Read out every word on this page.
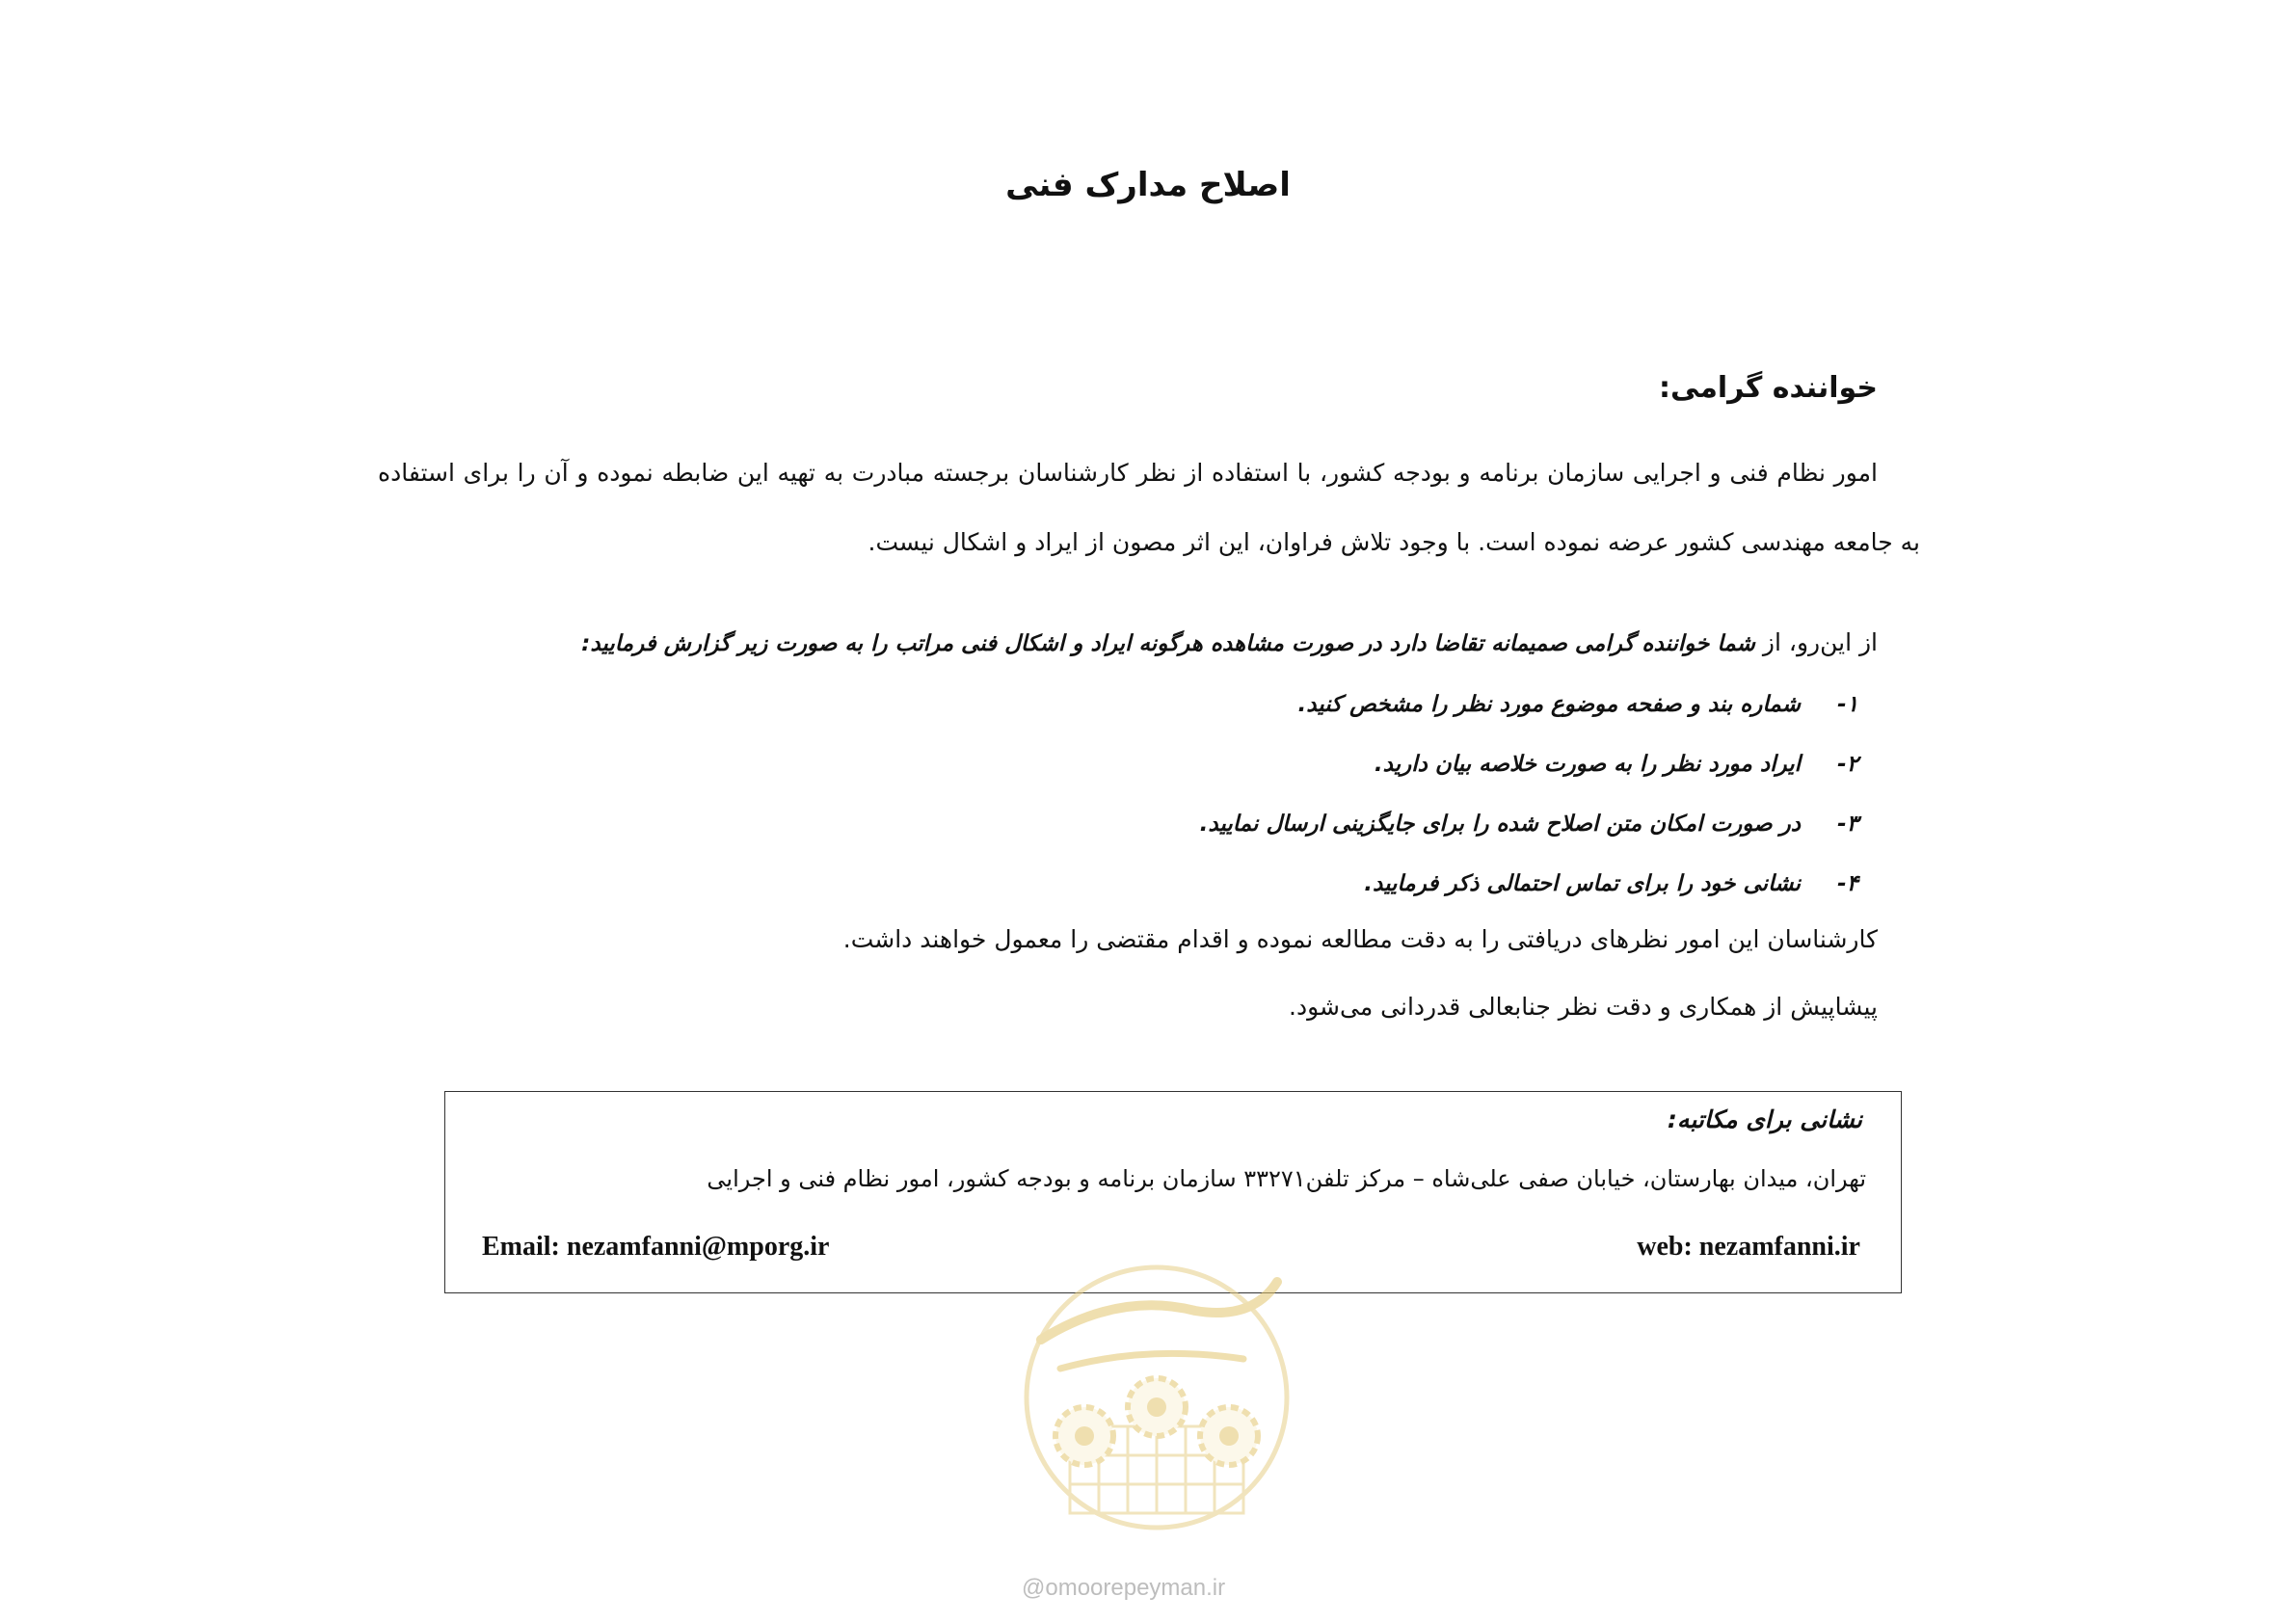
اصلاح مدارک فنی
خواننده گرامی:
امور نظام فنی و اجرایی سازمان برنامه و بودجه کشور، با استفاده از نظر کارشناسان برجسته مبادرت به تهیه این ضابطه نموده و آن را برای استفاده به جامعه مهندسی کشور عرضه نموده است. با وجود تلاش فراوان، این اثر مصون از ایراد و اشکال نیست.
از این‌رو، از شما خواننده گرامی صمیمانه تقاضا دارد در صورت مشاهده هرگونه ایراد و اشکال فنی مراتب را به صورت زیر گزارش فرمایید:
۱-شماره بند و صفحه موضوع مورد نظر را مشخص کنید.
۲-ایراد مورد نظر را به صورت خلاصه بیان دارید.
۳-در صورت امکان متن اصلاح شده را برای جایگزینی ارسال نمایید.
۴-نشانی خود را برای تماس احتمالی ذکر فرمایید.
کارشناسان این امور نظرهای دریافتی را به دقت مطالعه نموده و اقدام مقتضی را معمول خواهند داشت.
پیشاپیش از همکاری و دقت نظر جنابعالی قدردانی می‌شود.
نشانی برای مکاتبه:
تهران، میدان بهارستان، خیابان صفی علی‌شاه – مرکز تلفن۳۳۲۷۱ سازمان برنامه و بودجه کشور، امور نظام فنی و اجرایی
web: nezamfanni.ir
Email: nezamfanni@mporg.ir
@omoorepeyman.ir
